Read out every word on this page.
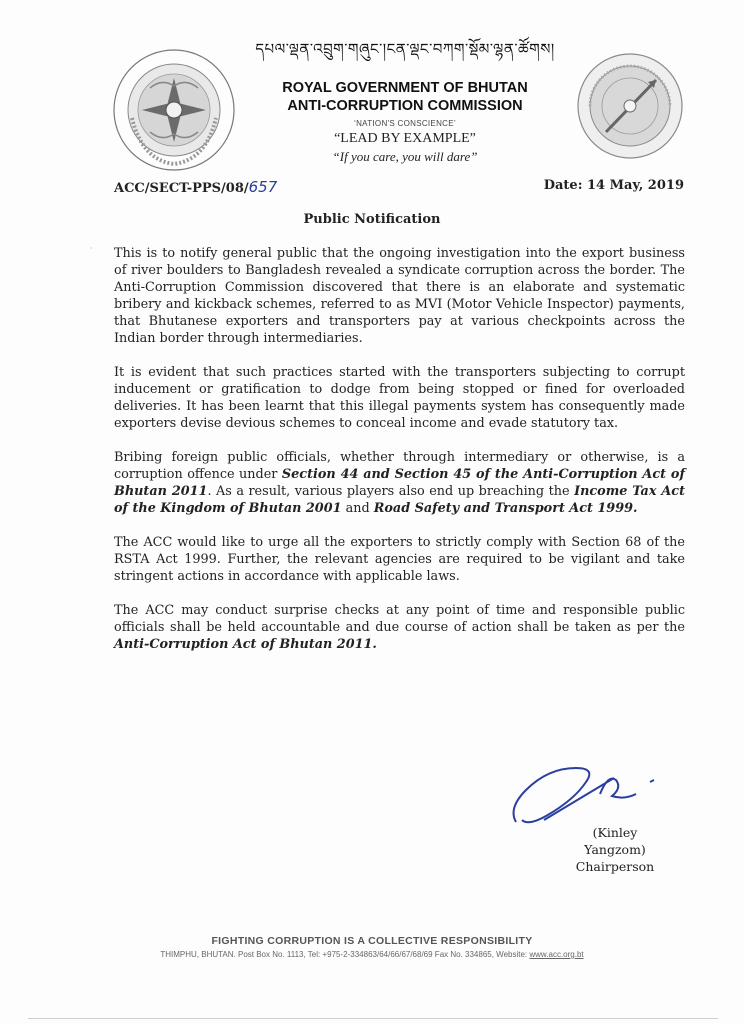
དཔལ་ལྡན་འབྲུག་གཞུང་།ངན་ལྡང་བཀག་སྡོམ་ལྷན་ཚོགས།
ROYAL GOVERNMENT OF BHUTAN
ANTI-CORRUPTION COMMISSION
‘NATION'S CONSCIENCE’
“LEAD BY EXAMPLE”
“If you care, you will dare”
ACC/SECT-PPS/08/657	Date: 14 May, 2019
Public Notification
· This is to notify general public that the ongoing investigation into the export business of river boulders to Bangladesh revealed a syndicate corruption across the border. The Anti-Corruption Commission discovered that there is an elaborate and systematic bribery and kickback schemes, referred to as MVI (Motor Vehicle Inspector) payments, that Bhutanese exporters and transporters pay at various checkpoints across the Indian border through intermediaries.

It is evident that such practices started with the transporters subjecting to corrupt inducement or gratification to dodge from being stopped or fined for overloaded deliveries. It has been learnt that this illegal payments system has consequently made exporters devise devious schemes to conceal income and evade statutory tax.

Bribing foreign public officials, whether through intermediary or otherwise, is a corruption offence under Section 44 and Section 45 of the Anti-Corruption Act of Bhutan 2011. As a result, various players also end up breaching the Income Tax Act of the Kingdom of Bhutan 2001 and Road Safety and Transport Act 1999.

The ACC would like to urge all the exporters to strictly comply with Section 68 of the RSTA Act 1999. Further, the relevant agencies are required to be vigilant and take stringent actions in accordance with applicable laws.

The ACC may conduct surprise checks at any point of time and responsible public officials shall be held accountable and due course of action shall be taken as per the Anti-Corruption Act of Bhutan 2011.

(Kinley Yangzom)
Chairperson
FIGHTING CORRUPTION IS A COLLECTIVE RESPONSIBILITY
THIMPHU, BHUTAN. Post Box No. 1113, Tel: +975-2-334863/64/66/67/68/69 Fax No. 334865, Website: www.acc.org.bt
